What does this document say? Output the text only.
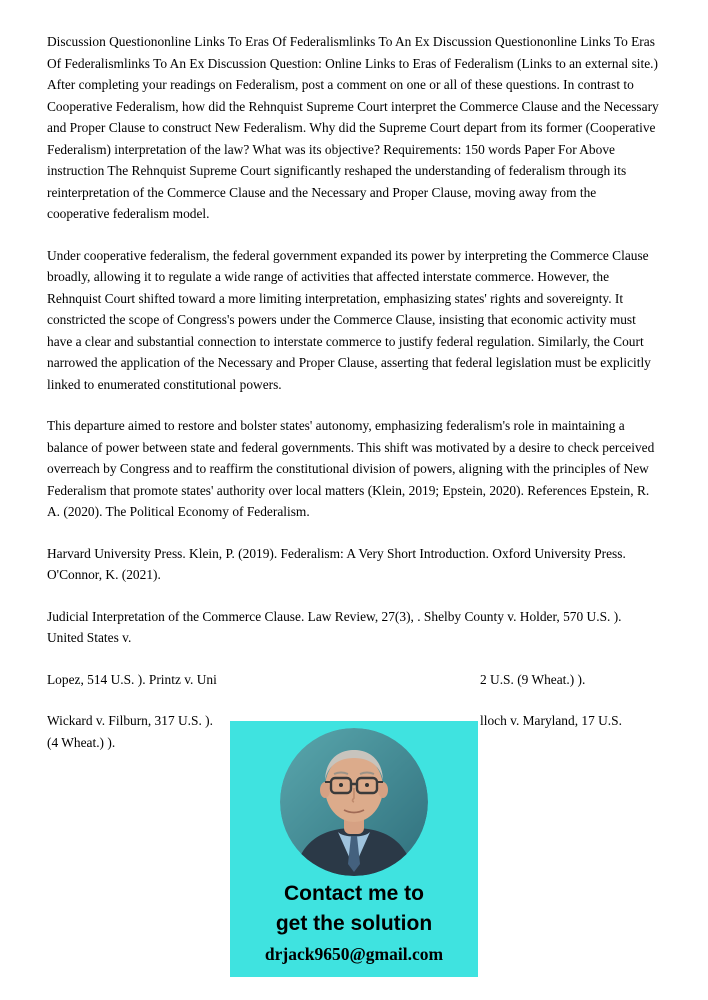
Discussion Questiononline Links To Eras Of Federalismlinks To An Ex Discussion Questiononline Links To Eras Of Federalismlinks To An Ex Discussion Question: Online Links to Eras of Federalism (Links to an external site.) After completing your readings on Federalism, post a comment on one or all of these questions. In contrast to Cooperative Federalism, how did the Rehnquist Supreme Court interpret the Commerce Clause and the Necessary and Proper Clause to construct New Federalism. Why did the Supreme Court depart from its former (Cooperative Federalism) interpretation of the law? What was its objective? Requirements: 150 words Paper For Above instruction The Rehnquist Supreme Court significantly reshaped the understanding of federalism through its reinterpretation of the Commerce Clause and the Necessary and Proper Clause, moving away from the cooperative federalism model.

Under cooperative federalism, the federal government expanded its power by interpreting the Commerce Clause broadly, allowing it to regulate a wide range of activities that affected interstate commerce. However, the Rehnquist Court shifted toward a more limiting interpretation, emphasizing states' rights and sovereignty. It constricted the scope of Congress's powers under the Commerce Clause, insisting that economic activity must have a clear and substantial connection to interstate commerce to justify federal regulation. Similarly, the Court narrowed the application of the Necessary and Proper Clause, asserting that federal legislation must be explicitly linked to enumerated constitutional powers.

This departure aimed to restore and bolster states' autonomy, emphasizing federalism's role in maintaining a balance of power between state and federal governments. This shift was motivated by a desire to check perceived overreach by Congress and to reaffirm the constitutional division of powers, aligning with the principles of New Federalism that promote states' authority over local matters (Klein, 2019; Epstein, 2020). References Epstein, R. A. (2020). The Political Economy of Federalism.

Harvard University Press. Klein, P. (2019). Federalism: A Very Short Introduction. Oxford University Press. O'Connor, K. (2021).

Judicial Interpretation of the Commerce Clause. Law Review, 27(3), . Shelby County v. Holder, 570 U.S. ). United States v.

Lopez, 514 U.S. ). Printz v. Uni	2 U.S. (9 Wheat.) ).
Wickard v. Filburn, 317 U.S. ).	lloch v. Maryland, 17 U.S.
(4 Wheat.) ).
Contact me to
get the solution
drjack9650@gmail.com
